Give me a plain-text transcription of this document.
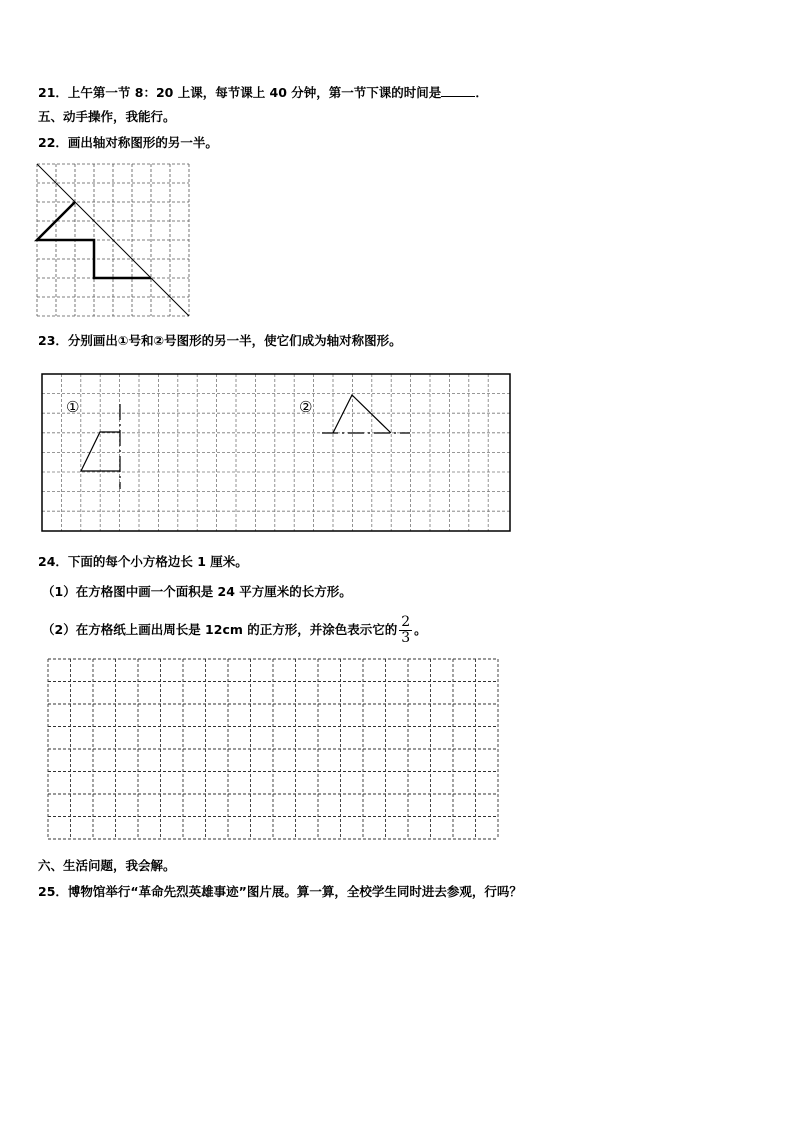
21．上午第一节 8：20 上课，每节课上 40 分钟，第一节下课的时间是	．
五、动手操作，我能行。
22．画出轴对称图形的另一半。
23．分别画出①号和②号图形的另一半，使它们成为轴对称图形。
①	②
24．下面的每个小方格边长 1 厘米。
（1）在方格图中画一个面积是 24 平方厘米的长方形。
（2）在方格纸上画出周长是 12cm 的正方形，并涂色表示它的 $\frac{2}{3}$ 。
六、生活问题，我会解。
25．博物馆举行“革命先烈英雄事迹”图片展。算一算，全校学生同时进去参观，行吗？
